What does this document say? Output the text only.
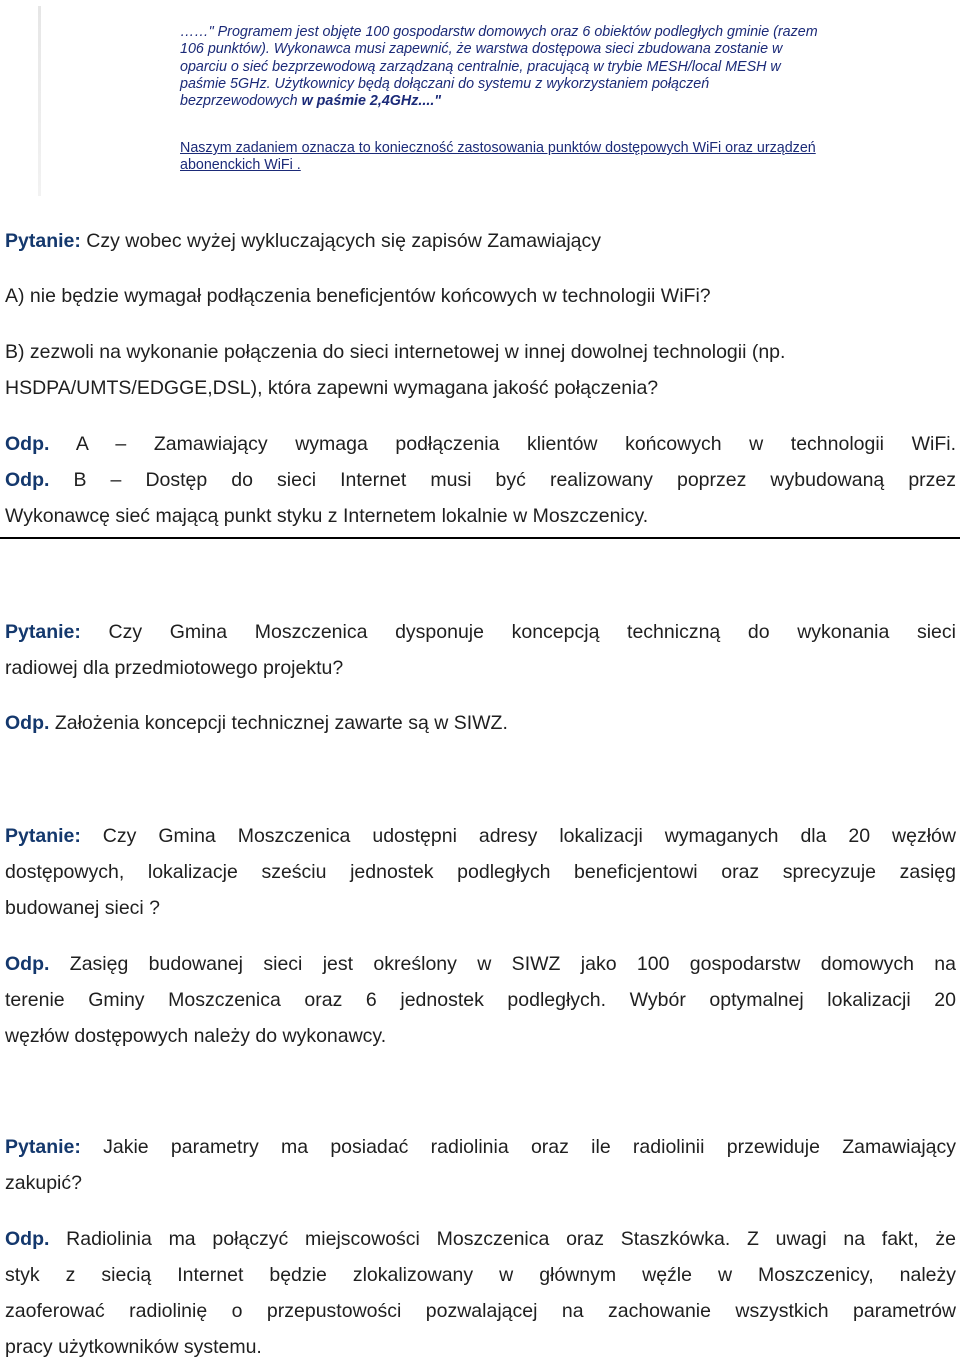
……" Programem jest objęte 100 gospodarstw domowych oraz 6 obiektów podległych gminie (razem
106 punktów). Wykonawca musi zapewnić, że warstwa dostępowa sieci zbudowana zostanie w
oparciu o sieć bezprzewodową zarządzaną centralnie, pracującą w trybie MESH/local MESH w
paśmie 5GHz. Użytkownicy będą dołączani do systemu z wykorzystaniem połączeń
bezprzewodowych w paśmie 2,4GHz...."
Naszym zadaniem oznacza to konieczność zastosowania punktów dostępowych WiFi oraz urządzeń
abonenckich WiFi .
Pytanie: Czy wobec wyżej wykluczających się zapisów Zamawiający
A) nie będzie wymagał podłączenia beneficjentów końcowych w technologii WiFi?
B) zezwoli na wykonanie połączenia do sieci internetowej w innej dowolnej technologii (np.
HSDPA/UMTS/EDGGE,DSL), która zapewni wymagana jakość połączenia?
Odp. A – Zamawiający wymaga podłączenia klientów końcowych w technologii WiFi.
Odp. B – Dostęp do sieci Internet musi być realizowany poprzez wybudowaną przez
Wykonawcę sieć mającą punkt styku z Internetem lokalnie w Moszczenicy.
Pytanie: Czy Gmina Moszczenica dysponuje koncepcją techniczną do wykonania sieci
radiowej dla przedmiotowego projektu?
Odp. Założenia koncepcji technicznej zawarte są w SIWZ.
Pytanie: Czy Gmina Moszczenica udostępni adresy lokalizacji wymaganych dla 20 węzłów
dostępowych, lokalizacje sześciu jednostek podległych beneficjentowi oraz sprecyzuje zasięg
budowanej sieci ?
Odp. Zasięg budowanej sieci jest określony w SIWZ jako 100 gospodarstw domowych na
terenie Gminy Moszczenica oraz 6 jednostek podległych. Wybór optymalnej lokalizacji 20
węzłów dostępowych należy do wykonawcy.
Pytanie: Jakie parametry ma posiadać radiolinia oraz ile radiolinii przewiduje Zamawiający
zakupić?
Odp. Radiolinia ma połączyć miejscowości Moszczenica oraz Staszkówka. Z uwagi na fakt, że
styk z siecią Internet będzie zlokalizowany w głównym węźle w Moszczenicy, należy
zaoferować radiolinię o przepustowości pozwalającej na zachowanie wszystkich parametrów
pracy użytkowników systemu.
